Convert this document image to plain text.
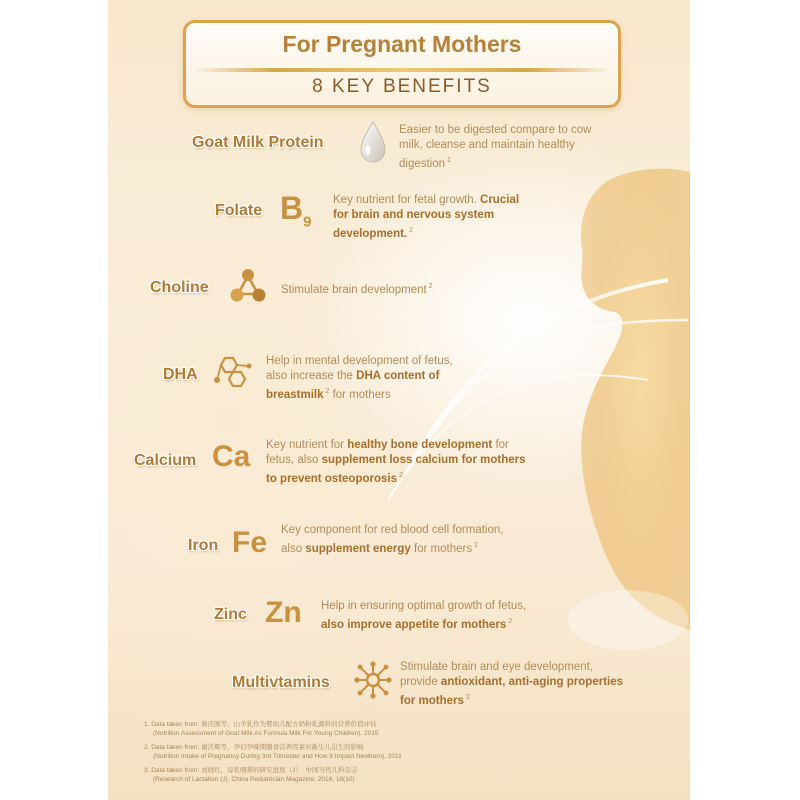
For Pregnant Mothers
8 KEY BENEFITS
Goat Milk Protein
Easier to be digested compare to cow milk, cleanse and maintain healthy digestion $^1$
Folate $B_9$
Key nutrient for fetal growth. Crucial for brain and nervous system development. $^2$
Choline	Stimulate brain development $^2$
DHA
Help in mental development of fetus, also increase the DHA content of breastmilk $^2$ for mothers
Calcium Ca Key nutrient for healthy bone development for fetus, also supplement loss calcium for mothers to prevent osteoporosis $^2$
Iron Fe Key component for red blood cell formation, also supplement energy for mothers $^2$
Zinc Zn Help in ensuring optimal growth of fetus, also improve appetite for mothers $^2$
Multivtamins
Stimulate brain and eye development, provide antioxidant, anti-aging properties for mothers $^2$
1. Data taken from: 蔡庆刚等，山羊乳作为婴幼儿配方奶粉乳源料的营养价值评估
(Nutrition Assessment of Goat Milk As Formula Milk For Young Children), 2015
2. Data taken from: 谢沃辉等，孕妇孕晚期膳食营养因素对新生儿出生的影响
(Nutrition Intake of Pregnancy During 3rd Trimester and How It Impact Newborn), 2011
3. Data taken from: 刘晓红，母乳喂养的研究进展（J）. 中国当代儿科杂志
(Research of Lactation (J). China Pediatrician Magazine, 2016, 18(10)
